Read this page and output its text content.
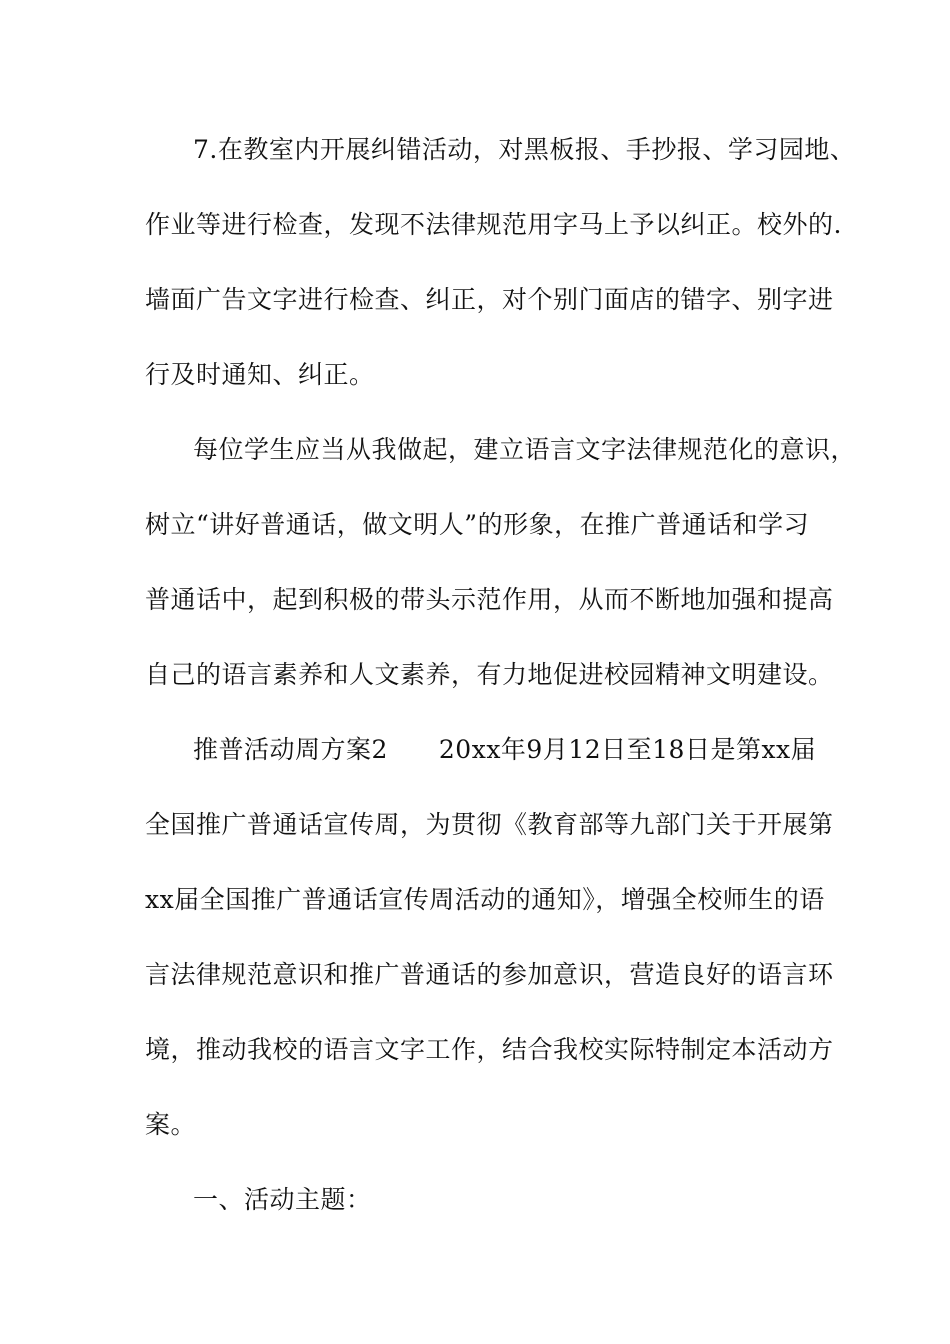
7.在教室内开展纠错活动，对黑板报、手抄报、学习园地、
作业等进行检查，发现不法律规范用字马上予以纠正。校外的.
墙面广告文字进行检查、纠正，对个别门面店的错字、别字进
行及时通知、纠正。
每位学生应当从我做起，建立语言文字法律规范化的意识，
树立“讲好普通话，做文明人”的形象，在推广普通话和学习
普通话中，起到积极的带头示范作用，从而不断地加强和提高
自己的语言素养和人文素养，有力地促进校园精神文明建设。
推普活动周方案2　　20xx年9月12日至18日是第xx届
全国推广普通话宣传周，为贯彻《教育部等九部门关于开展第
xx届全国推广普通话宣传周活动的通知》，增强全校师生的语
言法律规范意识和推广普通话的参加意识，营造良好的语言环
境，推动我校的语言文字工作，结合我校实际特制定本活动方
案。
一、活动主题：
